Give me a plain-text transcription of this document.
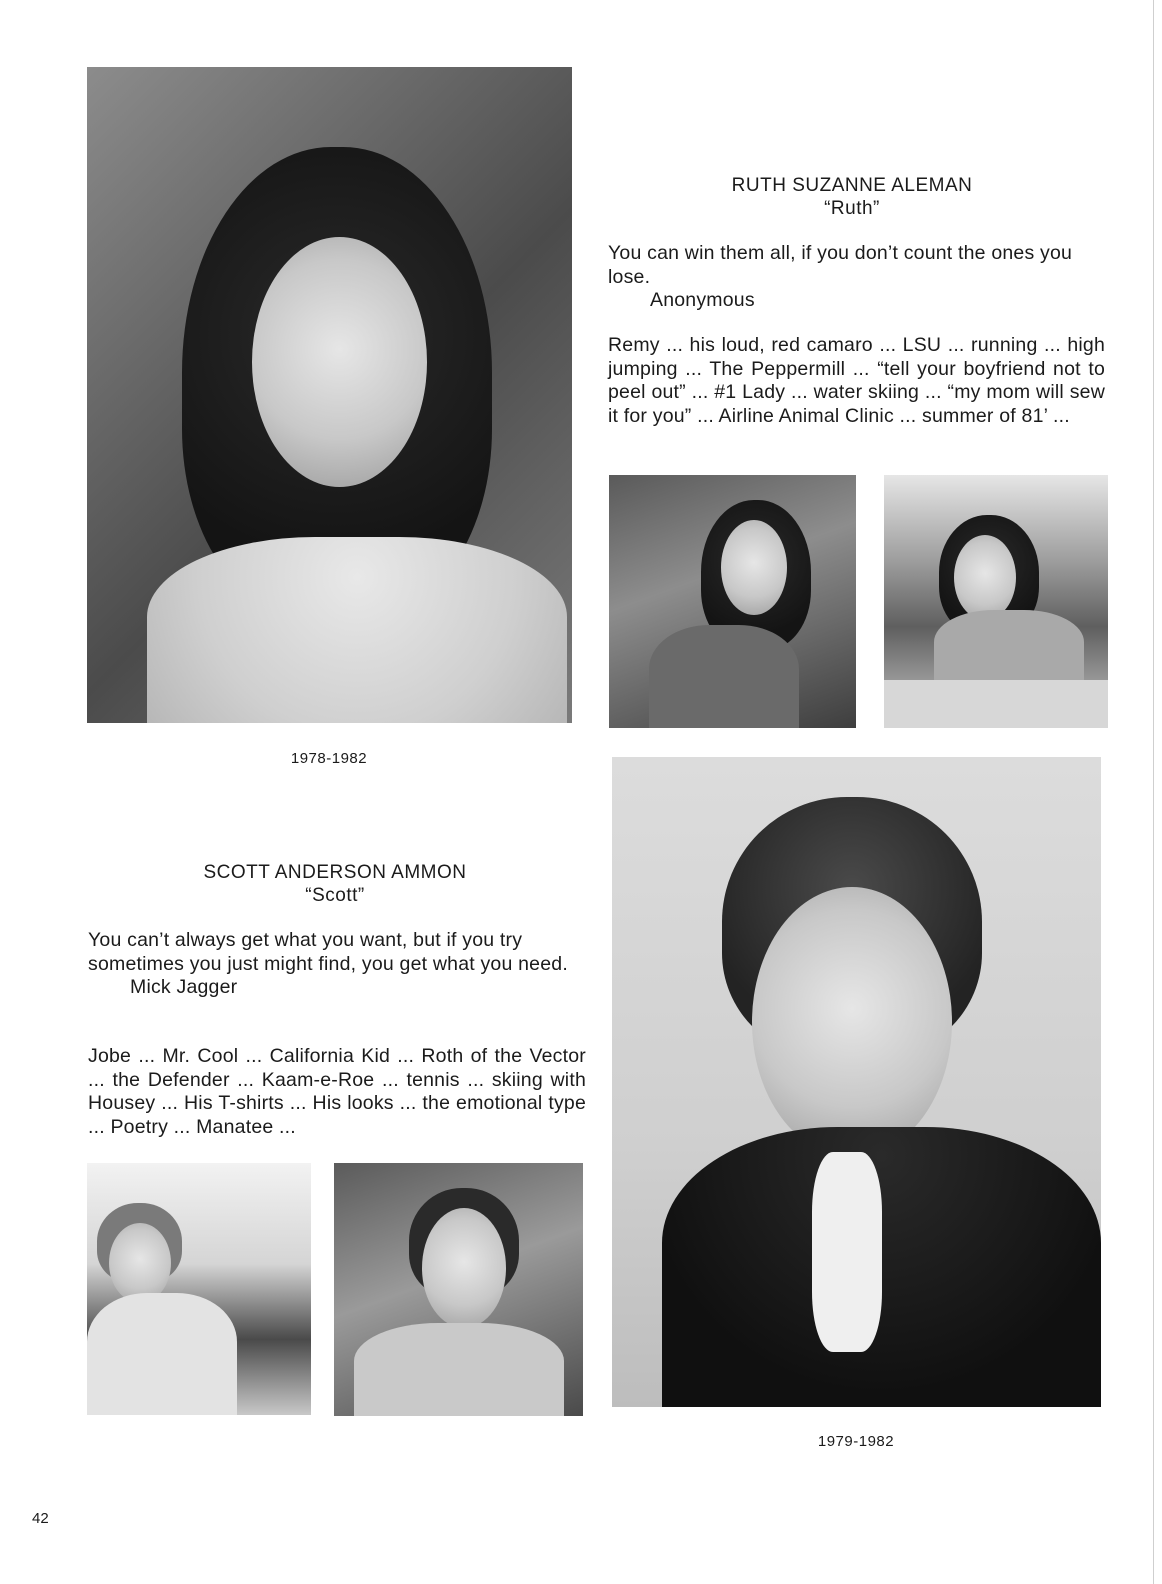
RUTH SUZANNE ALEMAN
“Ruth”
You can win them all, if you don’t count the ones you lose.
Anonymous
Remy ... his loud, red camaro ... LSU ... running ... high jumping ... The Peppermill ... “tell your boyfriend not to peel out” ... #1 Lady ... water skiing ... “my mom will sew it for you” ... Airline Animal Clinic ... summer of 81’ ...
1978-1982
SCOTT ANDERSON AMMON
“Scott”
You can’t always get what you want, but if you try sometimes you just might find, you get what you need.
Mick Jagger
Jobe ... Mr. Cool ... California Kid ... Roth of the Vector ... the Defender ... Kaam-e-Roe ... tennis ... skiing with Housey ... His T-shirts ... His looks ... the emotional type ... Poetry ... Manatee ...
1979-1982
42
